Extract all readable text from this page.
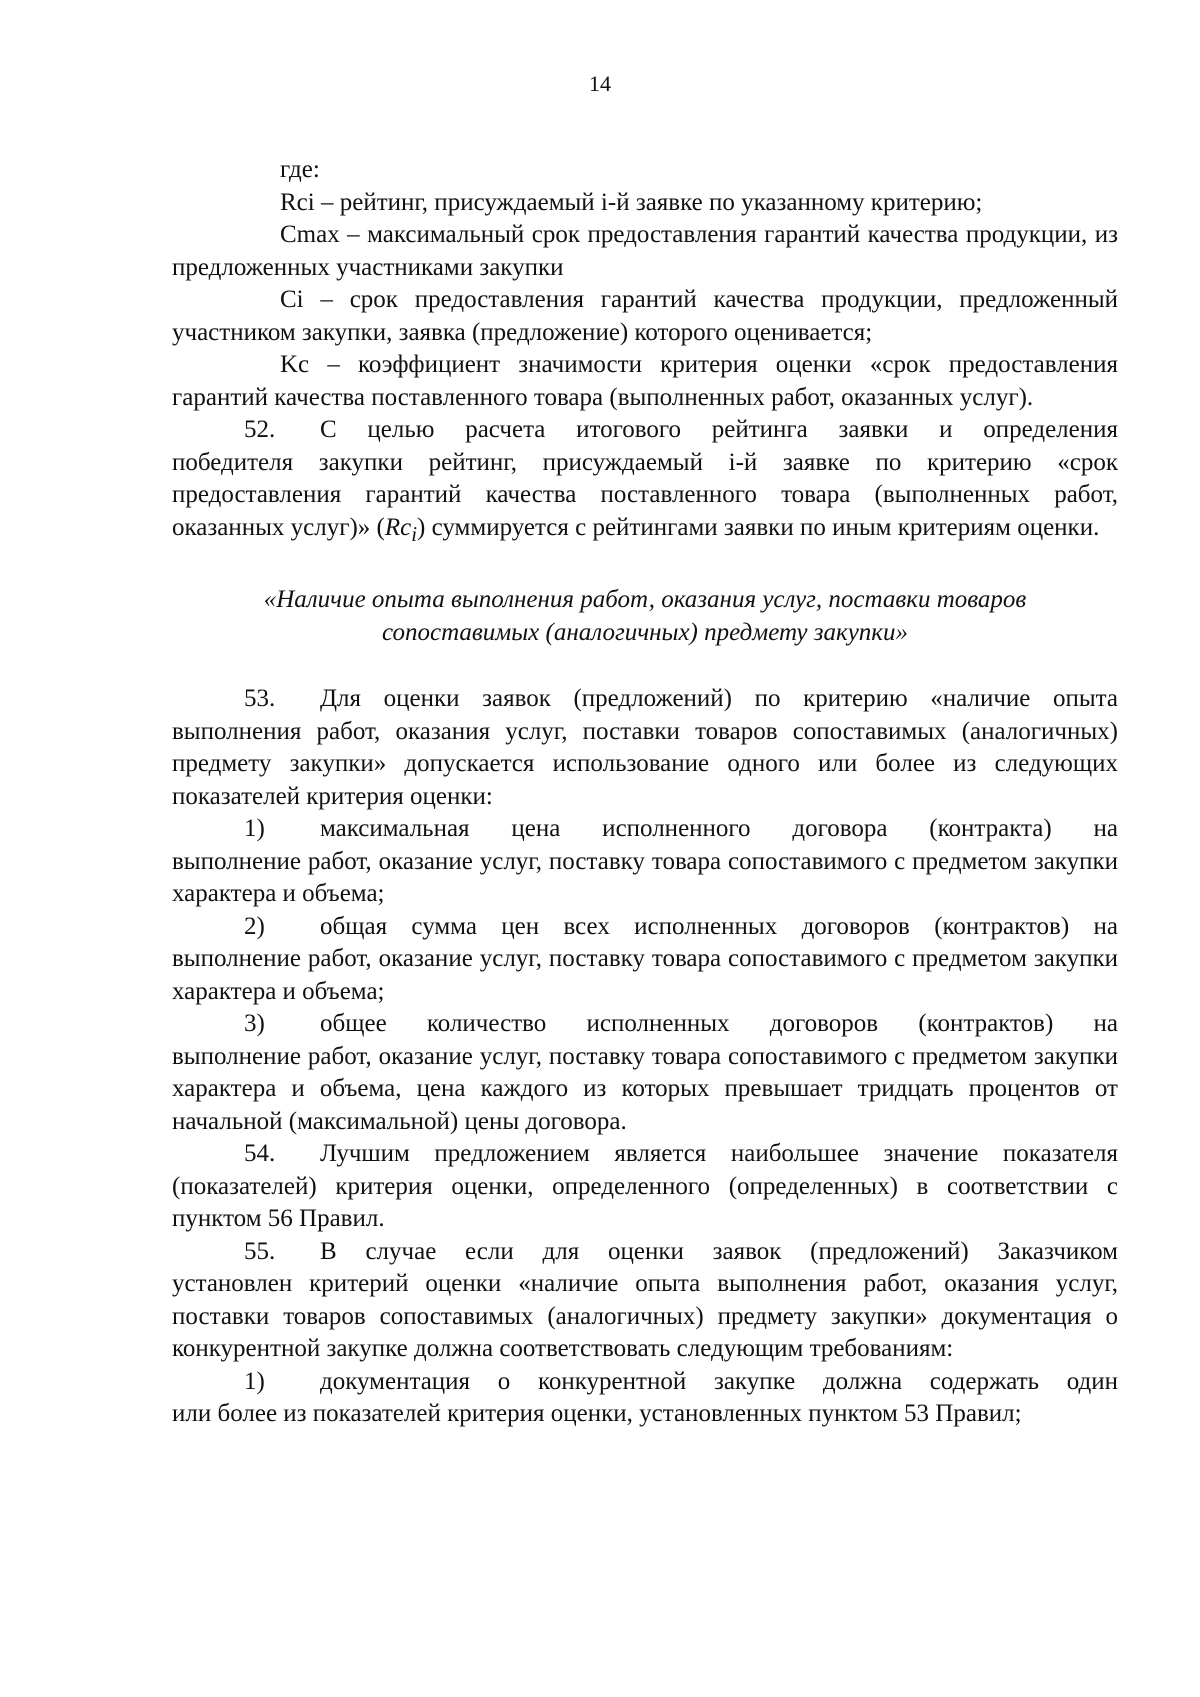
14

где:

Rci – рейтинг, присуждаемый i-й заявке по указанному критерию;

Cmax – максимальный срок предоставления гарантий качества продукции, из предложенных участниками закупки

Ci – срок предоставления гарантий качества продукции, предложенный участником закупки, заявка (предложение) которого оценивается;

Kc – коэффициент значимости критерия оценки «срок предоставления гарантий качества поставленного товара (выполненных работ, оказанных услуг).

52.	С целью расчета итогового рейтинга заявки и определения
победителя закупки рейтинг, присуждаемый i-й заявке по критерию «срок предоставления гарантий качества поставленного товара (выполненных работ, оказанных услуг)» $(Rc_i)$ суммируется с рейтингами заявки по иным критериям оценки.
«Наличие опыта выполнения работ, оказания услуг, поставки товаров
сопоставимых (аналогичных) предмету закупки»
53.	Для оценки заявок (предложений) по критерию «наличие опыта
выполнения работ, оказания услуг, поставки товаров сопоставимых (аналогичных) предмету закупки» допускается использование одного или более из следующих показателей критерия оценки:
1)	максимальная цена исполненного договора (контракта) на
выполнение работ, оказание услуг, поставку товара сопоставимого с предметом закупки характера и объема;
2)	общая сумма цен всех исполненных договоров (контрактов) на
выполнение работ, оказание услуг, поставку товара сопоставимого с предметом закупки характера и объема;
3)	общее количество исполненных договоров (контрактов) на
выполнение работ, оказание услуг, поставку товара сопоставимого с предметом закупки характера и объема, цена каждого из которых превышает тридцать процентов от начальной (максимальной) цены договора.
54.	Лучшим предложением является наибольшее значение показателя
(показателей) критерия оценки, определенного (определенных) в соответствии с пунктом 56 Правил.
55.	В случае если для оценки заявок (предложений) Заказчиком
установлен критерий оценки «наличие опыта выполнения работ, оказания услуг, поставки товаров сопоставимых (аналогичных) предмету закупки» документация о конкурентной закупке должна соответствовать следующим требованиям:
1)	документация о конкурентной закупке должна содержать один
или более из показателей критерия оценки, установленных пунктом 53 Правил;
